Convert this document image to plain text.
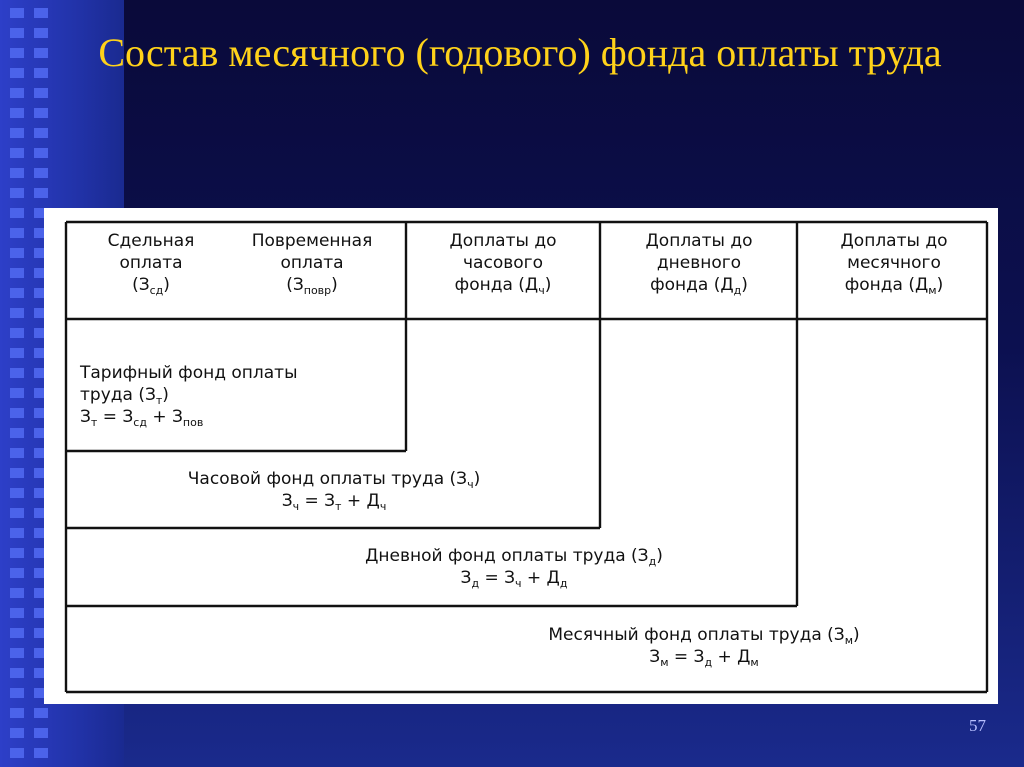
Состав месячного (годового) фонда оплаты труда
Сдельная
оплата
$(З_{сд})$
Повременная
оплата
$(З_{повр})$
Доплаты до
часового
фонда $(Д_ч)$
Доплаты до
дневного
фонда $(Д_д)$
Доплаты до
месячного
фонда $(Д_м)$
Тарифный фонд оплаты
труда $(З_т)$
$З_т = З_{сд} + З_{пов}$
Часовой фонд оплаты труда $(З_ч)$
$З_ч = З_т + Д_ч$
Дневной фонд оплаты труда $(З_д)$
$З_д = З_ч + Д_д$
Месячный фонд оплаты труда $(З_м)$
$З_м = З_д + Д_м$
57
